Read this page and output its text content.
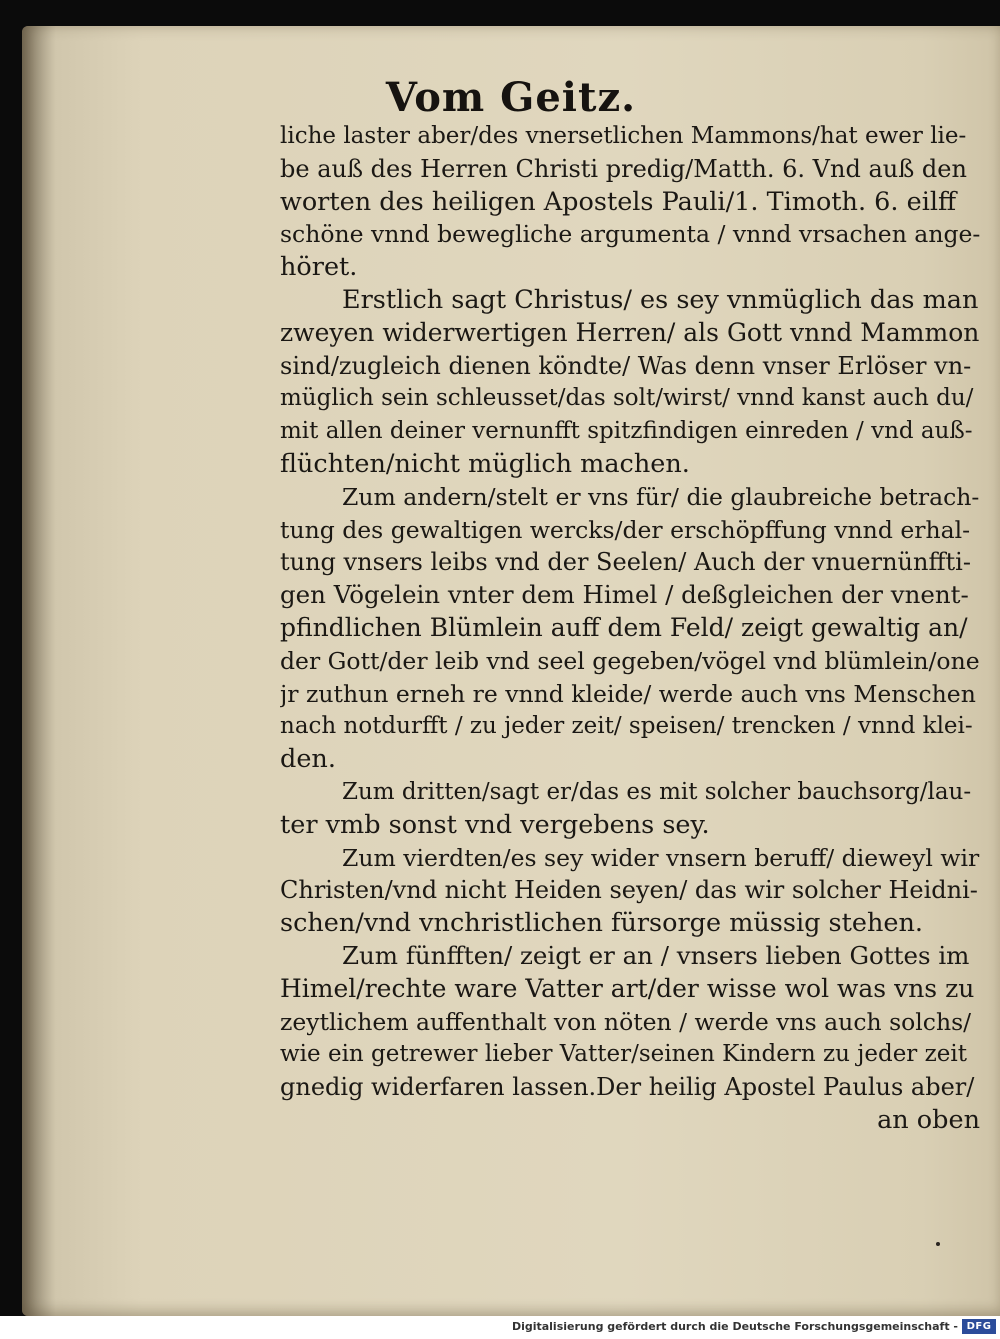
Vom Geitz.
liche laster aber/des vnersetlichen Mammons/hat ewer lie-
be auß des Herren Christi predig/Matth. 6. Vnd auß den
worten des heiligen Apostels Pauli/1. Timoth. 6. eilff
schöne vnnd bewegliche argumenta / vnnd vrsachen ange-
höret.
Erstlich sagt Christus/ es sey vnmüglich das man
zweyen widerwertigen Herren/ als Gott vnnd Mammon
sind/zugleich dienen köndte/ Was denn vnser Erlöser vn-
müglich sein schleusset/das solt/wirst/ vnnd kanst auch du/
mit allen deiner vernunfft spitzfindigen einreden / vnd auß-
flüchten/nicht müglich machen.
Zum andern/stelt er vns für/ die glaubreiche betrach-
tung des gewaltigen wercks/der erschöpffung vnnd erhal-
tung vnsers leibs vnd der Seelen/ Auch der vnuernünffti-
gen Vögelein vnter dem Himel / deßgleichen der vnent-
pfindlichen Blümlein auff dem Feld/ zeigt gewaltig an/
der Gott/der leib vnd seel gegeben/vögel vnd blümlein/one
jr zuthun erneh re vnnd kleide/ werde auch vns Menschen
nach notdurfft / zu jeder zeit/ speisen/ trencken / vnnd klei-
den.
Zum dritten/sagt er/das es mit solcher bauchsorg/lau-
ter vmb sonst vnd vergebens sey.
Zum vierdten/es sey wider vnsern beruff/ dieweyl wir
Christen/vnd nicht Heiden seyen/ das wir solcher Heidni-
schen/vnd vnchristlichen fürsorge müssig stehen.
Zum fünfften/ zeigt er an / vnsers lieben Gottes im
Himel/rechte ware Vatter art/der wisse wol was vns zu
zeytlichem auffenthalt von nöten / werde vns auch solchs/
wie ein getrewer lieber Vatter/seinen Kindern zu jeder zeit
gnedig widerfaren lassen.Der heilig Apostel Paulus aber/
an oben
Digitalisierung gefördert durch die Deutsche Forschungsgemeinschaft - DFG
